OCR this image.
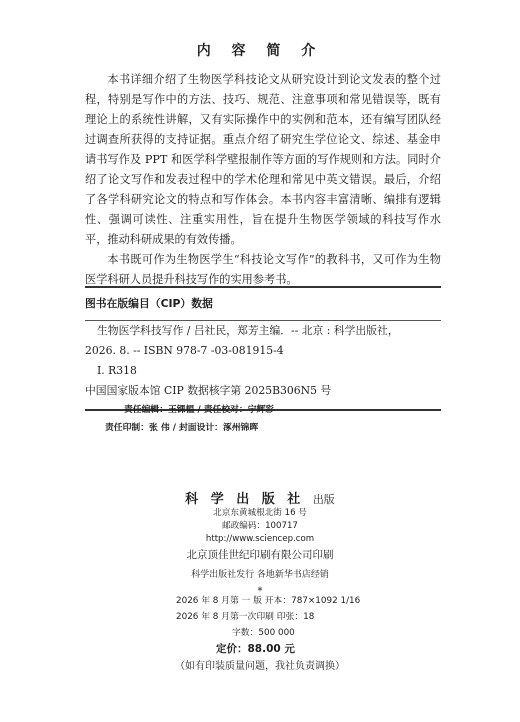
内 容 简 介

本书详细介绍了生物医学科技论文从研究设计到论文发表的整个过程，特别是写作中的方法、技巧、规范、注意事项和常见错误等，既有理论上的系统性讲解，又有实际操作中的实例和范本，还有编写团队经过调查所获得的支持证据。重点介绍了研究生学位论文、综述、基金申请书写作及 PPT 和医学科学壁报制作等方面的写作规则和方法。同时介绍了论文写作和发表过程中的学术伦理和常见中英文错误。最后，介绍了各学科研究论文的特点和写作体会。本书内容丰富清晰、编排有逻辑性、强调可读性、注重实用性，旨在提升生物医学领域的科技写作水平，推动科研成果的有效传播。

本书既可作为生物医学生“科技论文写作”的教科书，又可作为生物医学科研人员提升科技写作的实用参考书。

图书在版编目（CIP）数据
生物医学科技写作 / 吕社民，郑芳主编．-- 北京 : 科学出版社，
2026. 8. -- ISBN 978-7 -03-081915-4
Ⅰ. R318
中国国家版本馆 CIP 数据核字第 2025B306N5 号
责任编辑：王锞韫 / 责任校对：宁辉彩
责任印制：张 伟 / 封面设计：涿州锦晖
科 学 出 版 社 出版
北京东黄城根北街 16 号
邮政编码：100717
http://www.sciencep.com
北京顶佳世纪印刷有限公司印刷
科学出版社发行 各地新华书店经销
*
2026 年 8 月第 一 版 开本：787×1092 1/16
2026 年 8 月第一次印刷 印张：18
字数：500 000
定价：88.00 元
（如有印装质量问题，我社负责调换）
